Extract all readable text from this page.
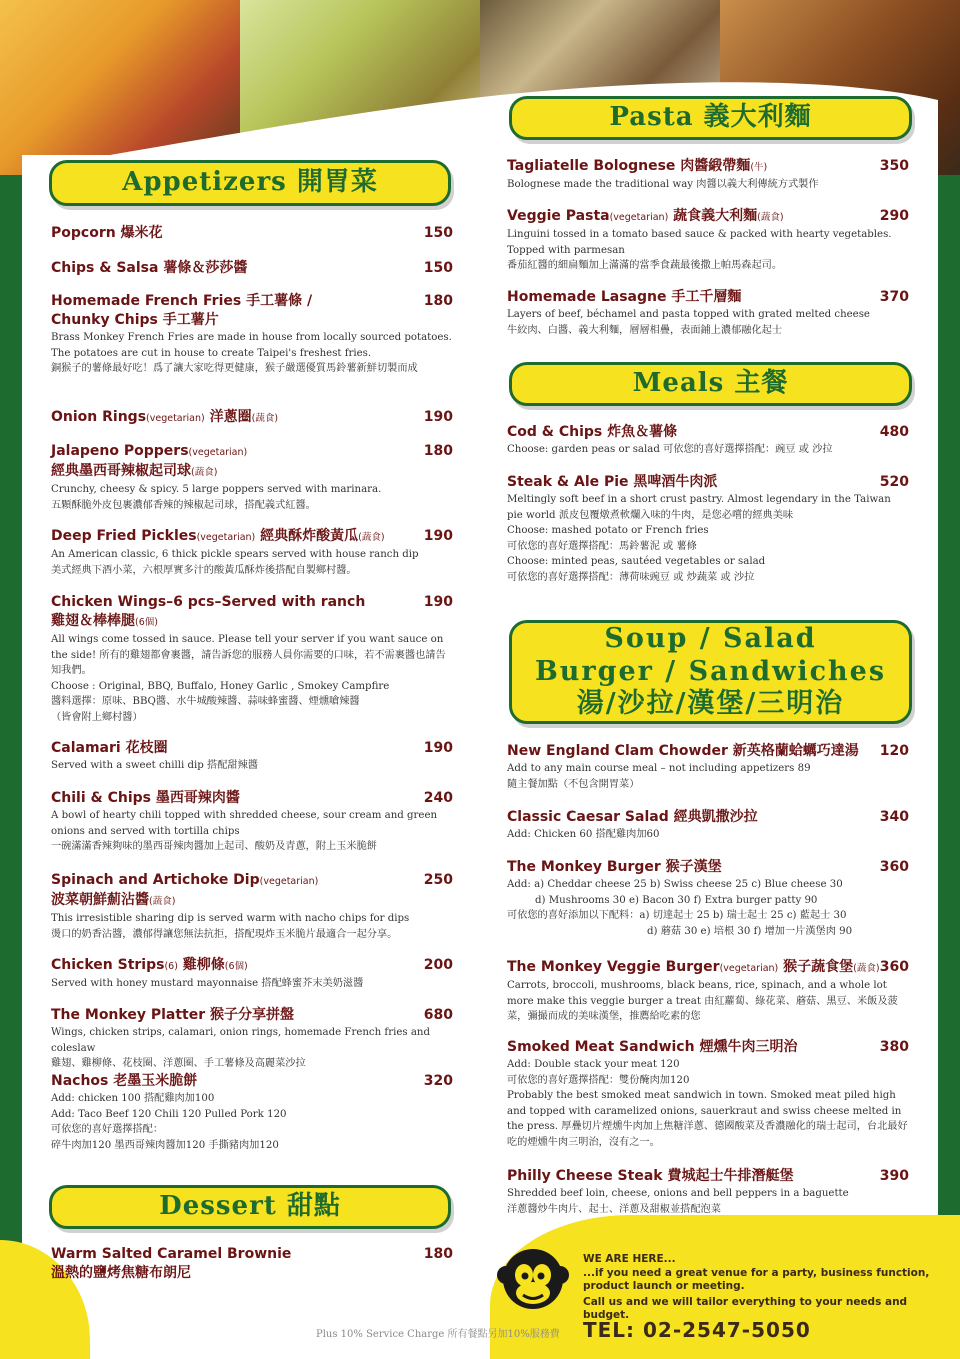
Appetizers 開胃菜
Pasta 義大利麵
Meals 主餐
Soup / Salad
Burger / Sandwiches
湯/沙拉/漢堡/三明治
Dessert 甜點
Popcorn 爆米花	150
Chips & Salsa 薯條＆莎莎醬	150
Homemade French Fries 手工薯條 /	180
Chunky Chips 手工薯片
Brass Monkey French Fries are made in house from locally sourced potatoes. The potatoes are cut in house to create Taipei's freshest fries.
銅猴子的薯條最好吃！爲了讓大家吃得更健康，猴子嚴選優質馬鈴薯新鮮切製而成
Onion Rings(vegetarian) 洋蔥圈(蔬食)	190
Jalapeno Poppers(vegetarian)	180
經典墨西哥辣椒起司球(蔬食)
Crunchy, cheesy & spicy. 5 large poppers served with marinara.
五顆酥脆外皮包裹濃郁香辣的辣椒起司球，搭配義式紅醬。
Deep Fried Pickles(vegetarian) 經典酥炸酸黃瓜(蔬食)	190
An American classic, 6 thick pickle spears served with house ranch dip
美式經典下酒小菜，六根厚實多汁的酸黃瓜酥炸後搭配自製鄉村醬。
Chicken Wings–6 pcs–Served with ranch	190
雞翅＆棒棒腿(6個)
All wings come tossed in sauce. Please tell your server if you want sauce on the side! 所有的雞翅都會裹醬，請告訴您的服務人員你需要的口味，若不需裹醬也請告知我們。
Choose : Original, BBQ, Buffalo, Honey Garlic , Smokey Campfire
醬料選擇：原味、BBQ醬、水牛城酸辣醬、蒜味蜂蜜醬、煙燻嗆辣醬
（皆會附上鄉村醬）
Calamari 花枝圈	190
Served with a sweet chilli dip 搭配甜辣醬
Chili & Chips 墨西哥辣肉醬	240
A bowl of hearty chili topped with shredded cheese, sour cream and green onions and served with tortilla chips
一碗滿滿香辣夠味的墨西哥辣肉醬加上起司、酸奶及青蔥，附上玉米脆餅
Spinach and Artichoke Dip(vegetarian)	250
波菜朝鮮薊沾醬(蔬食)
This irresistible sharing dip is served warm with nacho chips for dips
燙口的奶香沾醬，濃郁得讓您無法抗拒，搭配現炸玉米脆片最適合一起分享。
Chicken Strips(6) 雞柳條(6個)	200
Served with honey mustard mayonnaise 搭配蜂蜜芥末美奶滋醬
The Monkey Platter 猴子分享拼盤	680
Wings, chicken strips, calamari, onion rings, homemade French fries and coleslaw
雞翅、雞柳條、花枝圈、洋蔥圈、手工薯條及高麗菜沙拉
Nachos 老墨玉米脆餅	320
Add: chicken 100 搭配雞肉加100
Add: Taco Beef 120 Chili 120 Pulled Pork 120
可依您的喜好選擇搭配：
碎牛肉加120 墨西哥辣肉醬加120 手撕豬肉加120
Warm Salted Caramel Brownie	180
溫熱的鹽烤焦糖布朗尼
Tagliatelle Bolognese 肉醬緞帶麵(牛)	350
Bolognese made the traditional way 肉醬以義大利傳統方式製作
Veggie Pasta(vegetarian) 蔬食義大利麵(蔬食)	290
Linguini tossed in a tomato based sauce & packed with hearty vegetables. Topped with parmesan
番茄紅醬的細扁麵加上滿滿的當季食蔬最後撒上帕馬森起司。
Homemade Lasagne 手工千層麵	370
Layers of beef, béchamel and pasta topped with grated melted cheese
牛絞肉、白醬、義大利麵，層層相疊，表面鋪上濃郁融化起士
Cod & Chips 炸魚＆薯條	480
Choose: garden peas or salad 可依您的喜好選擇搭配：豌豆 或 沙拉
Steak & Ale Pie 黑啤酒牛肉派	520
Meltingly soft beef in a short crust pastry. Almost legendary in the Taiwan pie world 派皮包覆燉煮軟爛入味的牛肉，是您必嚐的經典美味
Choose: mashed potato or French fries
可依您的喜好選擇搭配：馬鈴薯泥 或 薯條
Choose: minted peas, sautéed vegetables or salad
可依您的喜好選擇搭配：薄荷味豌豆 或 炒蔬菜 或 沙拉
New England Clam Chowder 新英格蘭蛤蠣巧達湯 120
Add to any main course meal – not including appetizers 89
隨主餐加點（不包含開胃菜）
Classic Caesar Salad 經典凱撒沙拉	340
Add: Chicken 60 搭配雞肉加60
The Monkey Burger 猴子漢堡	360
Add: a) Cheddar cheese 25 b) Swiss cheese 25 c) Blue cheese 30
d) Mushrooms 30 e) Bacon 30 f) Extra burger patty 90
可依您的喜好添加以下配料：a) 切達起士 25 b) 瑞士起士 25 c) 藍起士 30
d) 蘑菇 30 e) 培根 30 f) 增加一片漢堡肉 90
The Monkey Veggie Burger(vegetarian) 猴子蔬食堡(蔬食) 360
Carrots, broccoli, mushrooms, black beans, rice, spinach, and a whole lot more make this veggie burger a treat 由紅蘿蔔、綠花菜、蘑菇、黑豆、米飯及菠菜，彌撮而成的美味漢堡，推薦給吃素的您
Smoked Meat Sandwich 煙燻牛肉三明治	380
Add: Double stack your meat 120
可依您的喜好選擇搭配：雙份醃肉加120
Probably the best smoked meat sandwich in town. Smoked meat piled high and topped with caramelized onions, sauerkraut and swiss cheese melted in the press. 厚疊切片煙燻牛肉加上焦糖洋蔥、德國酸菜及香濃融化的瑞士起司，台北最好吃的煙燻牛肉三明治，沒有之一。
Philly Cheese Steak 費城起士牛排潛艇堡	390
Shredded beef loin, cheese, onions and bell peppers in a baguette
洋蔥醬炒牛肉片、起士、洋蔥及甜椒並搭配泡菜
WE ARE HERE...
...if you need a great venue for a party, business function, product launch or meeting.
Call us and we will tailor everything to your needs and budget.
TEL: 02-2547-5050
Plus 10% Service Charge 所有餐點另加10%服務費
